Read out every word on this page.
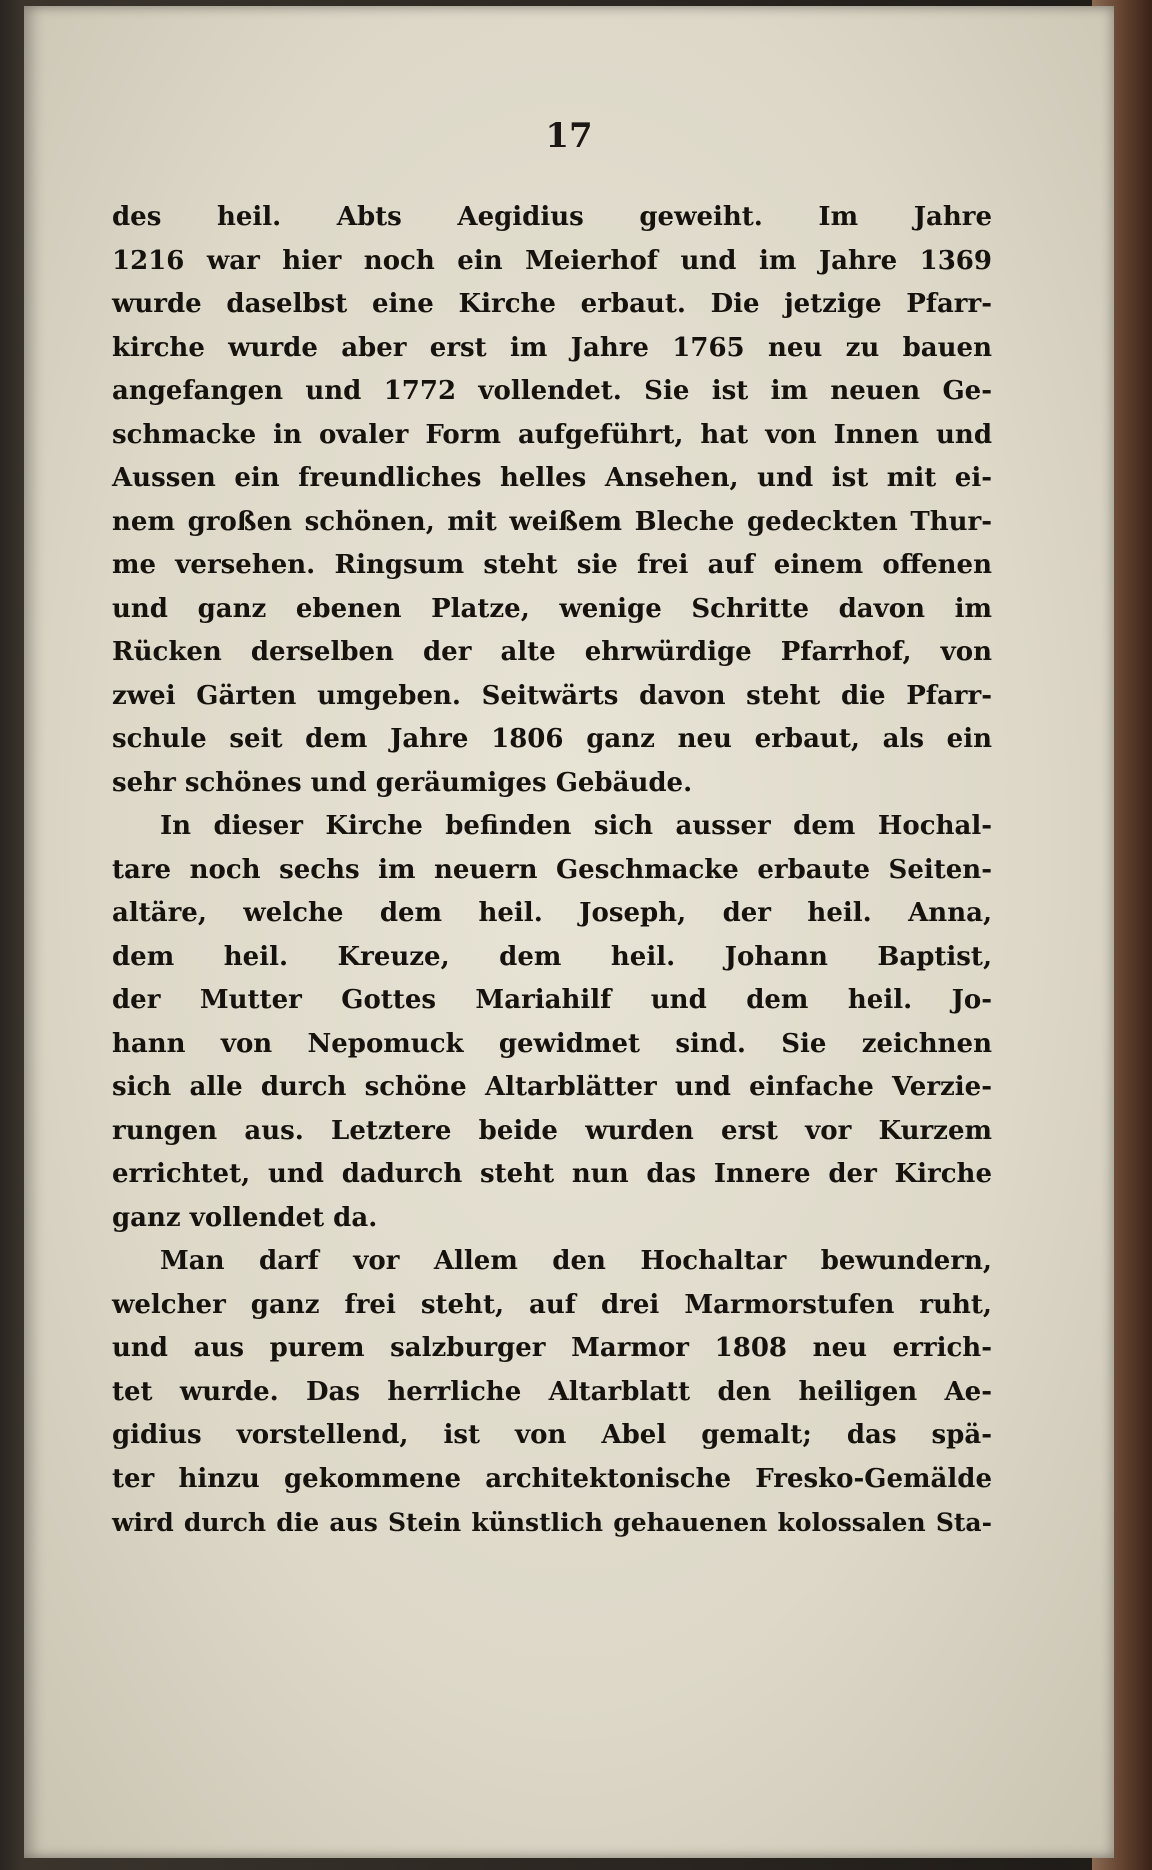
17
des heil. Abts Aegidius geweiht. Im Jahre
1216 war hier noch ein Meierhof und im Jahre 1369
wurde daselbst eine Kirche erbaut. Die jetzige Pfarr-
kirche wurde aber erst im Jahre 1765 neu zu bauen
angefangen und 1772 vollendet. Sie ist im neuen Ge-
schmacke in ovaler Form aufgeführt, hat von Innen und
Aussen ein freundliches helles Ansehen, und ist mit ei-
nem großen schönen, mit weißem Bleche gedeckten Thur-
me versehen. Ringsum steht sie frei auf einem offenen
und ganz ebenen Platze, wenige Schritte davon im
Rücken derselben der alte ehrwürdige Pfarrhof, von
zwei Gärten umgeben. Seitwärts davon steht die Pfarr-
schule seit dem Jahre 1806 ganz neu erbaut, als ein
sehr schönes und geräumiges Gebäude.
In dieser Kirche befinden sich ausser dem Hochal-
tare noch sechs im neuern Geschmacke erbaute Seiten-
altäre, welche dem heil. Joseph, der heil. Anna,
dem heil. Kreuze, dem heil. Johann Baptist,
der Mutter Gottes Mariahilf und dem heil. Jo-
hann von Nepomuck gewidmet sind. Sie zeichnen
sich alle durch schöne Altarblätter und einfache Verzie-
rungen aus. Letztere beide wurden erst vor Kurzem
errichtet, und dadurch steht nun das Innere der Kirche
ganz vollendet da.
Man darf vor Allem den Hochaltar bewundern,
welcher ganz frei steht, auf drei Marmorstufen ruht,
und aus purem salzburger Marmor 1808 neu errich-
tet wurde. Das herrliche Altarblatt den heiligen Ae-
gidius vorstellend, ist von Abel gemalt; das spä-
ter hinzu gekommene architektonische Fresko-Gemälde
wird durch die aus Stein künstlich gehauenen kolossalen Sta-
